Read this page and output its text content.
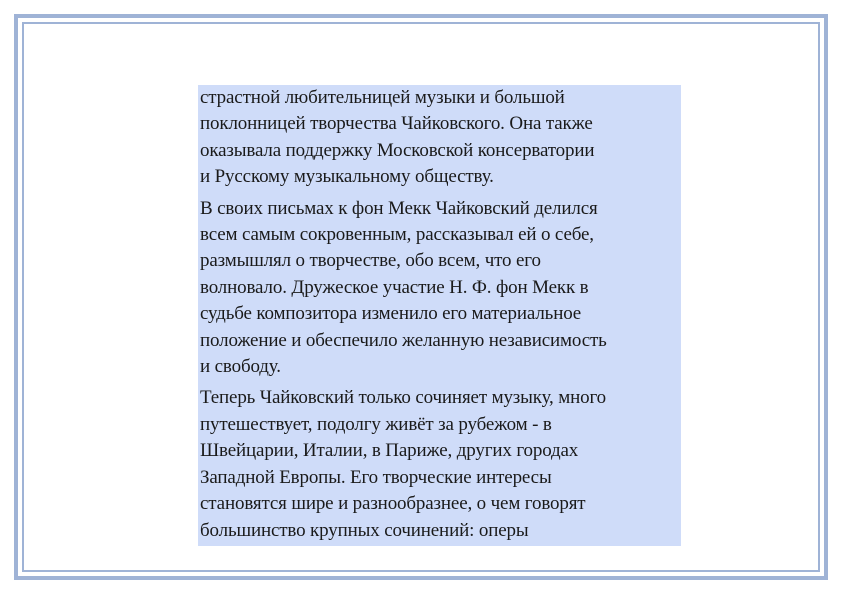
страстной любительницей музыки и большой
поклонницей творчества Чайковского. Она также
оказывала поддержку Московской консерватории
и Русскому музыкальному обществу.

В своих письмах к фон Мекк Чайковский делился
всем самым сокровенным, рассказывал ей о себе,
размышлял о творчестве, обо всем, что его
волновало. Дружеское участие Н. Ф. фон Мекк в
судьбе композитора изменило его материальное
положение и обеспечило желанную независимость
и свободу.

Теперь Чайковский только сочиняет музыку, много
путешествует, подолгу живёт за рубежом - в
Швейцарии, Италии, в Париже, других городах
Западной Европы. Его творческие интересы
становятся шире и разнообразнее, о чем говорят
большинство крупных сочинений: оперы
